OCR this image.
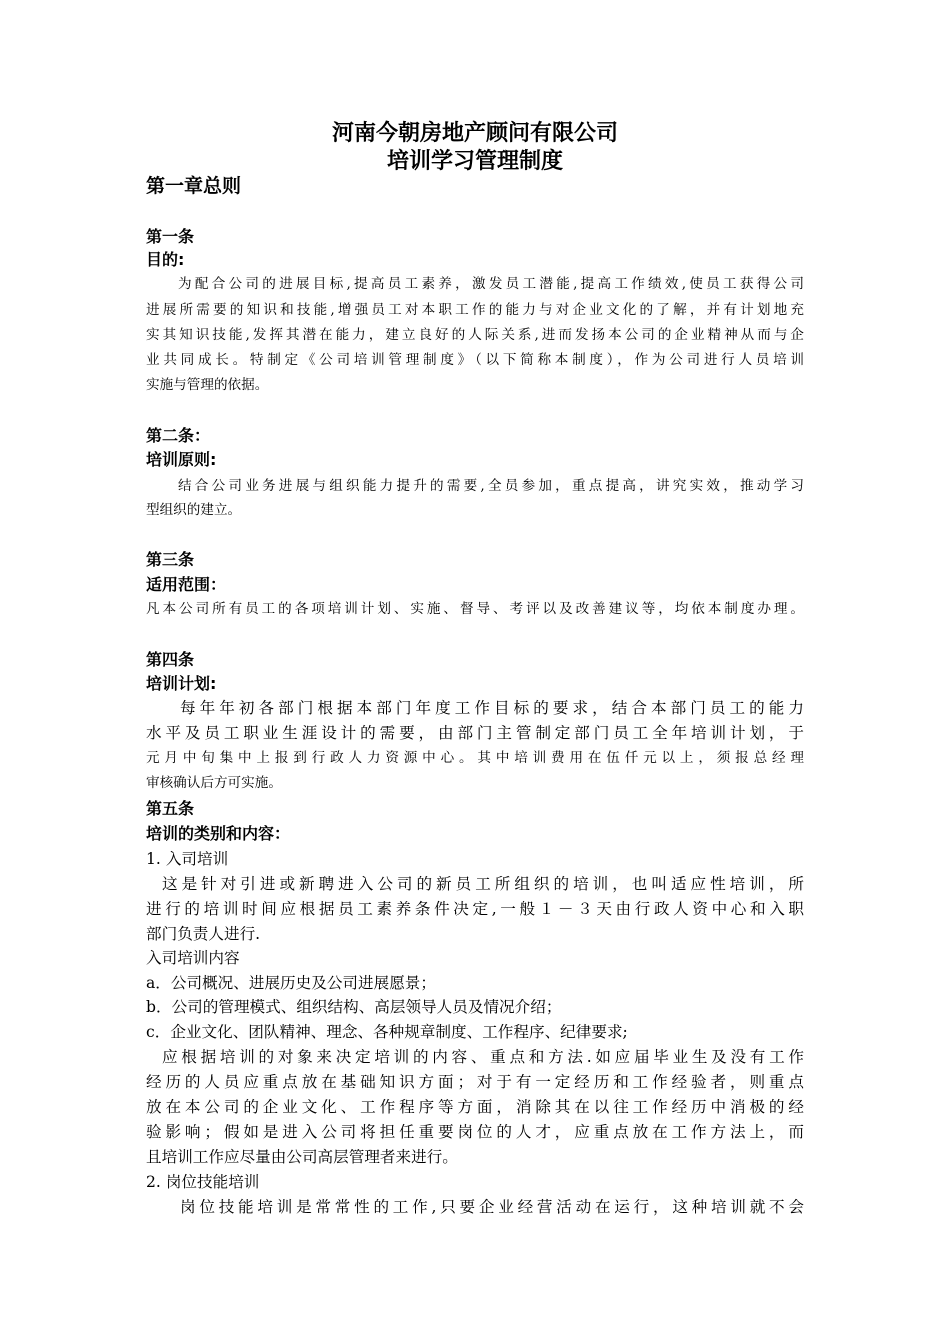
河南今朝房地产顾问有限公司
培训学习管理制度
第一章总则
第一条
目的:
为配合公司的进展目标,提高员工素养，激发员工潜能,提高工作绩效,使员工获得公司
进展所需要的知识和技能,增强员工对本职工作的能力与对企业文化的了解，并有计划地充
实其知识技能,发挥其潜在能力，建立良好的人际关系,进而发扬本公司的企业精神从而与企
业共同成长。特制定《公司培训管理制度》（以下简称本制度），作为公司进行人员培训
实施与管理的依据。
第二条：
培训原则:
结合公司业务进展与组织能力提升的需要,全员参加，重点提高，讲究实效，推动学习
型组织的建立。
第三条
适用范围：
凡本公司所有员工的各项培训计划、实施、督导、考评以及改善建议等，均依本制度办理。
第四条
培训计划:
每年年初各部门根据本部门年度工作目标的要求，结合本部门员工的能力
水平及员工职业生涯设计的需要，由部门主管制定部门员工全年培训计划，于
元月中旬集中上报到行政人力资源中心。其中培训费用在伍仟元以上，须报总经理
审核确认后方可实施。
第五条
培训的类别和内容：
1. 入司培训
这是针对引进或新聘进入公司的新员工所组织的培训，也叫适应性培训，所
进行的培训时间应根据员工素养条件决定,一般１－３天由行政人资中心和入职
部门负责人进行.
入司培训内容
a．公司概况、进展历史及公司进展愿景；
b．公司的管理模式、组织结构、高层领导人员及情况介绍；
c．企业文化、团队精神、理念、各种规章制度、工作程序、纪律要求;
应根据培训的对象来决定培训的内容、重点和方法.如应届毕业生及没有工作
经历的人员应重点放在基础知识方面；对于有一定经历和工作经验者，则重点
放在本公司的企业文化、工作程序等方面，消除其在以往工作经历中消极的经
验影响；假如是进入公司将担任重要岗位的人才，应重点放在工作方法上，而
且培训工作应尽量由公司高层管理者来进行。
2. 岗位技能培训
岗位技能培训是常常性的工作,只要企业经营活动在运行，这种培训就不会
